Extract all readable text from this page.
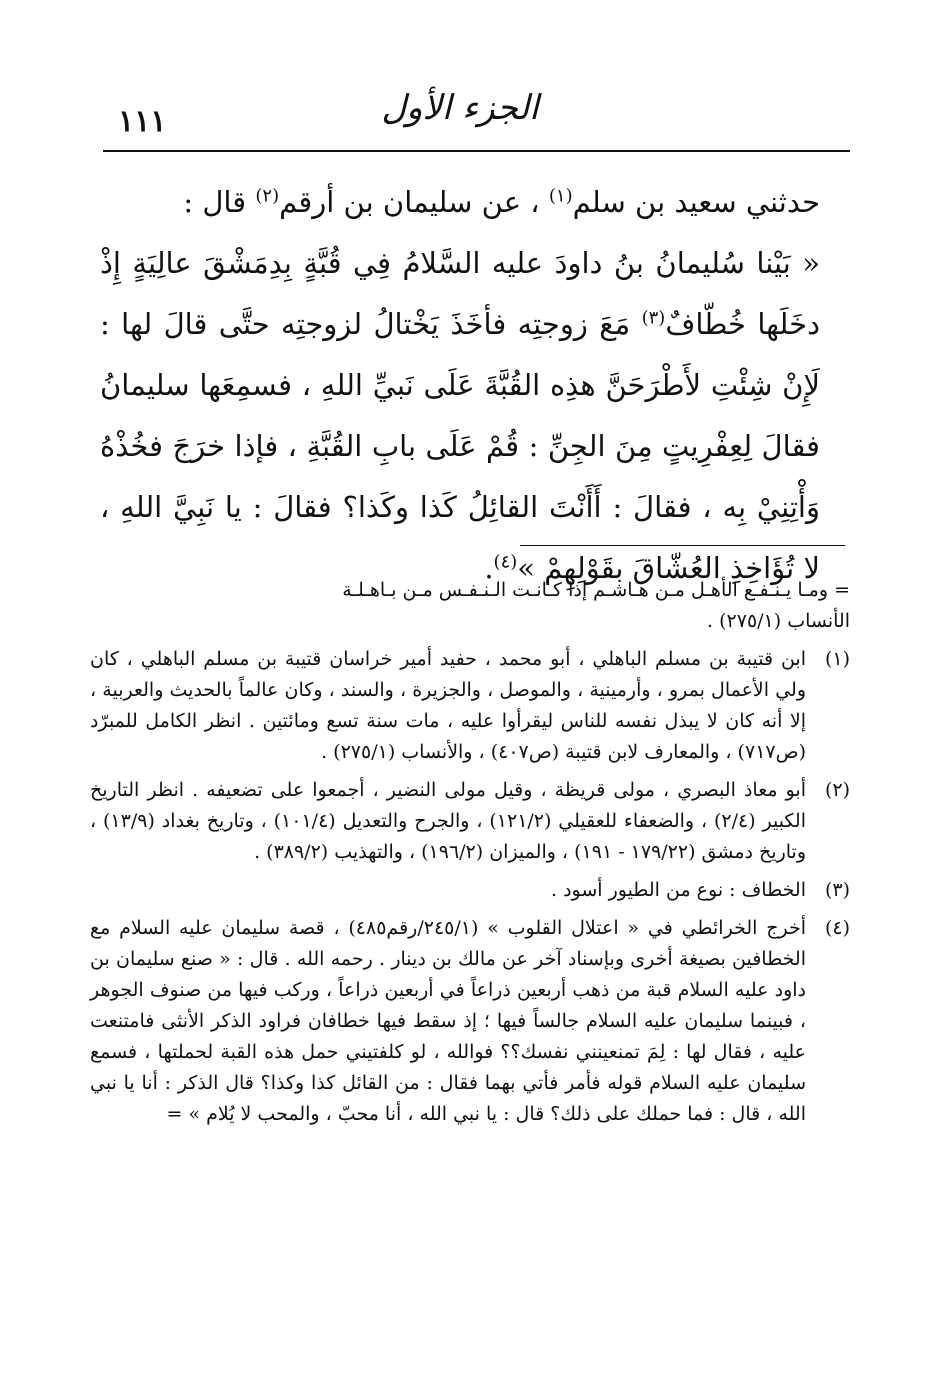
١١١	الجزء الأول

حدثني سعيد بن سلم$^{(١)}$ ، عن سليمان بن أرقم$^{(٢)}$ قال :

« بَيْنا سُليمانُ بنُ داودَ عليه السَّلامُ فِي قُبَّةٍ بِدِمَشْقَ عالِيَةٍ إِذْ دخَلَها خُطّافٌ$^{(٣)}$ مَعَ زوجتِه فأخَذَ يَخْتالُ لزوجتِه حتَّى قالَ لها : لَإِنْ شِئْتِ لأَطْرَحَنَّ هذِه القُبَّةَ عَلَى نَبيِّ اللهِ ، فسمِعَها سليمانُ فقالَ لِعِفْرِيتٍ مِنَ الجِنِّ : قُمْ عَلَى بابِ القُبَّةِ ، فإذا خرَجَ فخُذْهُ وَأْتِنِيْ بِه ، فقالَ : أَأَنْتَ القائِلُ كَذا وكَذا؟ فقالَ : يا نَبِيَّ اللهِ ، لا تُؤَاخِذِ العُشّاقَ بقَوْلِهِمْ »$^{(٤)}$.

= ومـا يـنـفـع الأهـل مـن هـاشـم إذا كـانـت الـنـفـس مـن بـاهـلـة
الأنساب (٢٧٥/١) .
(١)
ابن قتيبة بن مسلم الباهلي ، أبو محمد ، حفيد أمير خراسان قتيبة بن مسلم الباهلي ، كان ولي الأعمال بمرو ، وأرمينية ، والموصل ، والجزيرة ، والسند ، وكان عالماً بالحديث والعربية ، إلا أنه كان لا يبذل نفسه للناس ليقرأوا عليه ، مات سنة تسع ومائتين . انظر الكامل للمبرّد (ص٧١٧) ، والمعارف لابن قتيبة (ص٤٠٧) ، والأنساب (٢٧٥/١) .
(٢)
أبو معاذ البصري ، مولى قريظة ، وقيل مولى النضير ، أجمعوا على تضعيفه . انظر التاريخ الكبير (٢/٤) ، والضعفاء للعقيلي (١٢١/٢) ، والجرح والتعديل (١٠١/٤) ، وتاريخ بغداد (١٣/٩) ، وتاريخ دمشق (١٧٩/٢٢ - ١٩١) ، والميزان (١٩٦/٢) ، والتهذيب (٣٨٩/٢) .
(٣)
الخطاف : نوع من الطيور أسود .
(٤)
أخرج الخرائطي في « اعتلال القلوب » (٢٤٥/١/رقم٤٨٥) ، قصة سليمان عليه السلام مع الخطافين بصيغة أخرى وبإسناد آخر عن مالك بن دينار . رحمه الله . قال : « صنع سليمان بن داود عليه السلام قبة من ذهب أربعين ذراعاً في أربعين ذراعاً ، وركب فيها من صنوف الجوهر ، فبينما سليمان عليه السلام جالساً فيها ؛ إذ سقط فيها خطافان فراود الذكر الأنثى فامتنعت عليه ، فقال لها : لِمَ تمنعينني نفسك؟؟ فوالله ، لو كلفتيني حمل هذه القبة لحملتها ، فسمع سليمان عليه السلام قوله فأمر فأتي بهما فقال : من القائل كذا وكذا؟ قال الذكر : أنا يا نبي الله ، قال : فما حملك على ذلك؟ قال : يا نبي الله ، أنا محبّ ، والمحب لا يُلام » =
